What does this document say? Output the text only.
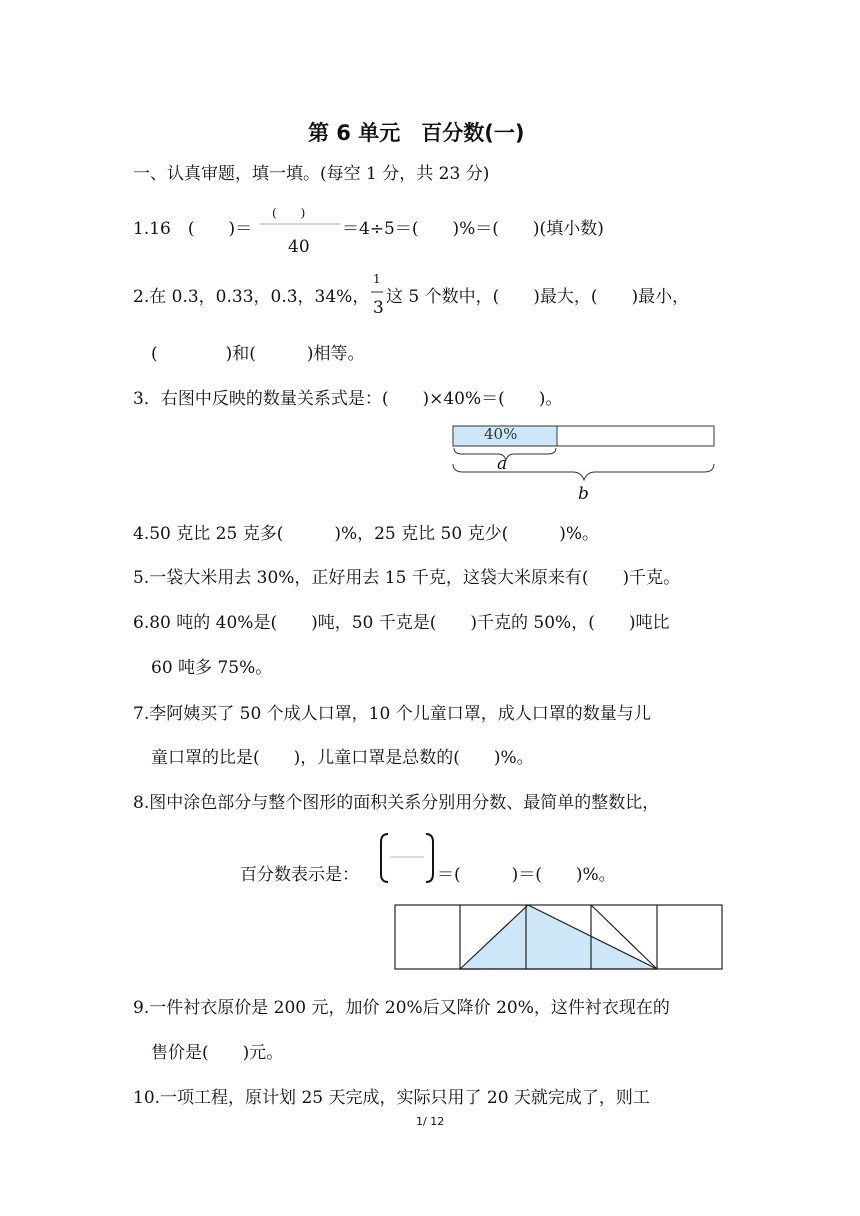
第 6 单元　百分数(一)
一、认真审题，填一填。(每空 1 分，共 23 分)
1.16　(　　)＝
(　　)
40
＝4÷5＝(　　)%＝(　　)(填小数)
2.在 0.3，0.33，0.3̇，34%，
1
3
这 5 个数中，(　　)最大，(　　)最小，
(　　　　)和(　　　)相等。
3．右图中反映的数量关系式是：(　　)×40%＝(　　)。
40%
a
b
4.50 克比 25 克多(　　　)%，25 克比 50 克少(　　　)%。
5.一袋大米用去 30%，正好用去 15 千克，这袋大米原来有(　　)千克。
6.80 吨的 40%是(　　)吨，50 千克是(　　)千克的 50%，(　　)吨比
60 吨多 75%。
7.李阿姨买了 50 个成人口罩，10 个儿童口罩，成人口罩的数量与儿
童口罩的比是(　　)，儿童口罩是总数的(　　)%。
8.图中涂色部分与整个图形的面积关系分别用分数、最简单的整数比，
百分数表示是：	＝(　　　)＝(　　)%。
9.一件衬衣原价是 200 元，加价 20%后又降价 20%，这件衬衣现在的
售价是(　　)元。
10.一项工程，原计划 25 天完成，实际只用了 20 天就完成了，则工
1/ 12
